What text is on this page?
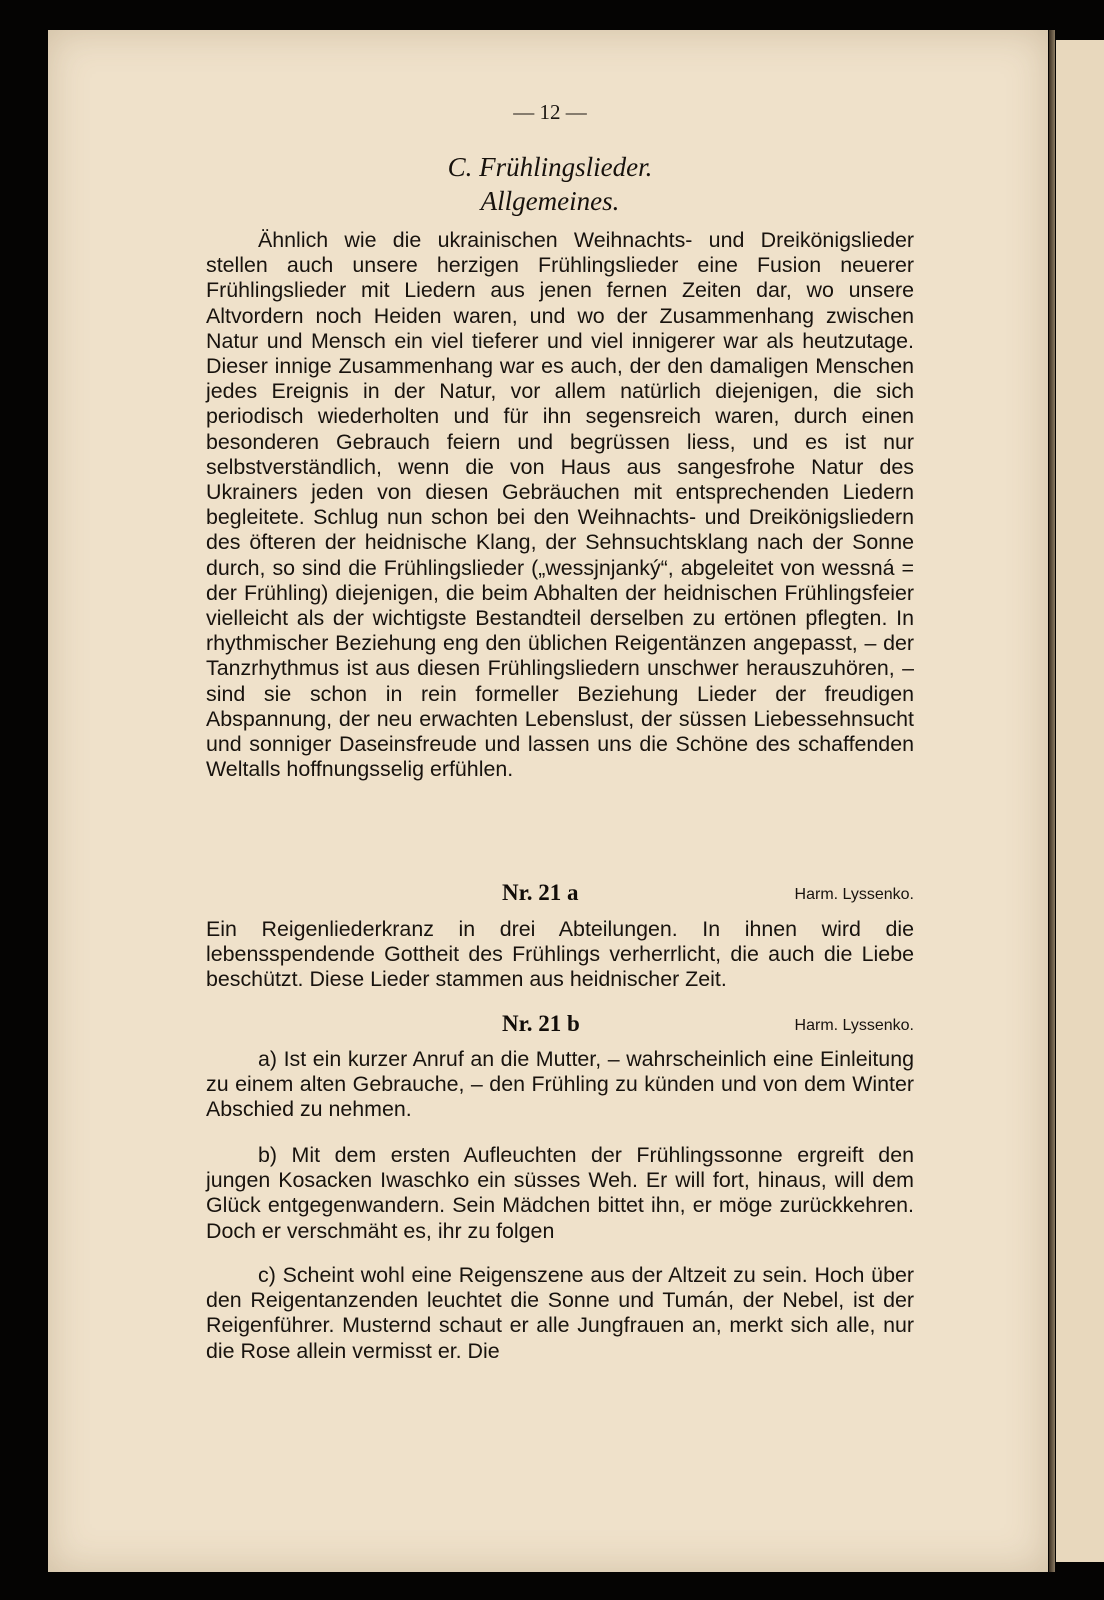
— 12 —
C. Frühlingslieder.
Allgemeines.

Ähnlich wie die ukrainischen Weihnachts- und Dreikönigslieder stellen auch unsere herzigen Frühlingslieder eine Fusion neuerer Frühlingslieder mit Liedern aus jenen fernen Zeiten dar, wo unsere Altvordern noch Heiden waren, und wo der Zusammenhang zwischen Natur und Mensch ein viel tieferer und viel innigerer war als heutzutage. Dieser innige Zusammenhang war es auch, der den damaligen Menschen jedes Ereignis in der Natur, vor allem natürlich diejenigen, die sich periodisch wiederholten und für ihn segensreich waren, durch einen besonderen Gebrauch feiern und begrüssen liess, und es ist nur selbstverständlich, wenn die von Haus aus sangesfrohe Natur des Ukrainers jeden von diesen Gebräuchen mit entsprechenden Liedern begleitete. Schlug nun schon bei den Weihnachts- und Dreikönigsliedern des öfteren der heidnische Klang, der Sehnsuchtsklang nach der Sonne durch, so sind die Frühlingslieder („wessjnjanký“, abgeleitet von wessná = der Frühling) diejenigen, die beim Abhalten der heidnischen Frühlingsfeier vielleicht als der wichtigste Bestandteil derselben zu ertönen pflegten. In rhythmischer Beziehung eng den üblichen Reigentänzen angepasst, – der Tanzrhythmus ist aus diesen Frühlingsliedern unschwer herauszuhören, – sind sie schon in rein formeller Beziehung Lieder der freudigen Abspannung, der neu erwachten Lebenslust, der süssen Liebessehnsucht und sonniger Daseinsfreude und lassen uns die Schöne des schaffenden Weltalls hoffnungsselig erfühlen.

Nr. 21 a	Harm. Lyssenko.

Ein Reigenliederkranz in drei Abteilungen. In ihnen wird die lebensspendende Gottheit des Frühlings verherrlicht, die auch die Liebe beschützt. Diese Lieder stammen aus heidnischer Zeit.

Nr. 21 b	Harm. Lyssenko.

a) Ist ein kurzer Anruf an die Mutter, – wahrscheinlich eine Einleitung zu einem alten Gebrauche, – den Frühling zu künden und von dem Winter Abschied zu nehmen.

b) Mit dem ersten Aufleuchten der Frühlingssonne ergreift den jungen Kosacken Iwaschko ein süsses Weh. Er will fort, hinaus, will dem Glück entgegenwandern. Sein Mädchen bittet ihn, er möge zurückkehren. Doch er verschmäht es, ihr zu folgen

c) Scheint wohl eine Reigenszene aus der Altzeit zu sein. Hoch über den Reigentanzenden leuchtet die Sonne und Tumán, der Nebel, ist der Reigenführer. Musternd schaut er alle Jungfrauen an, merkt sich alle, nur die Rose allein vermisst er. Die
